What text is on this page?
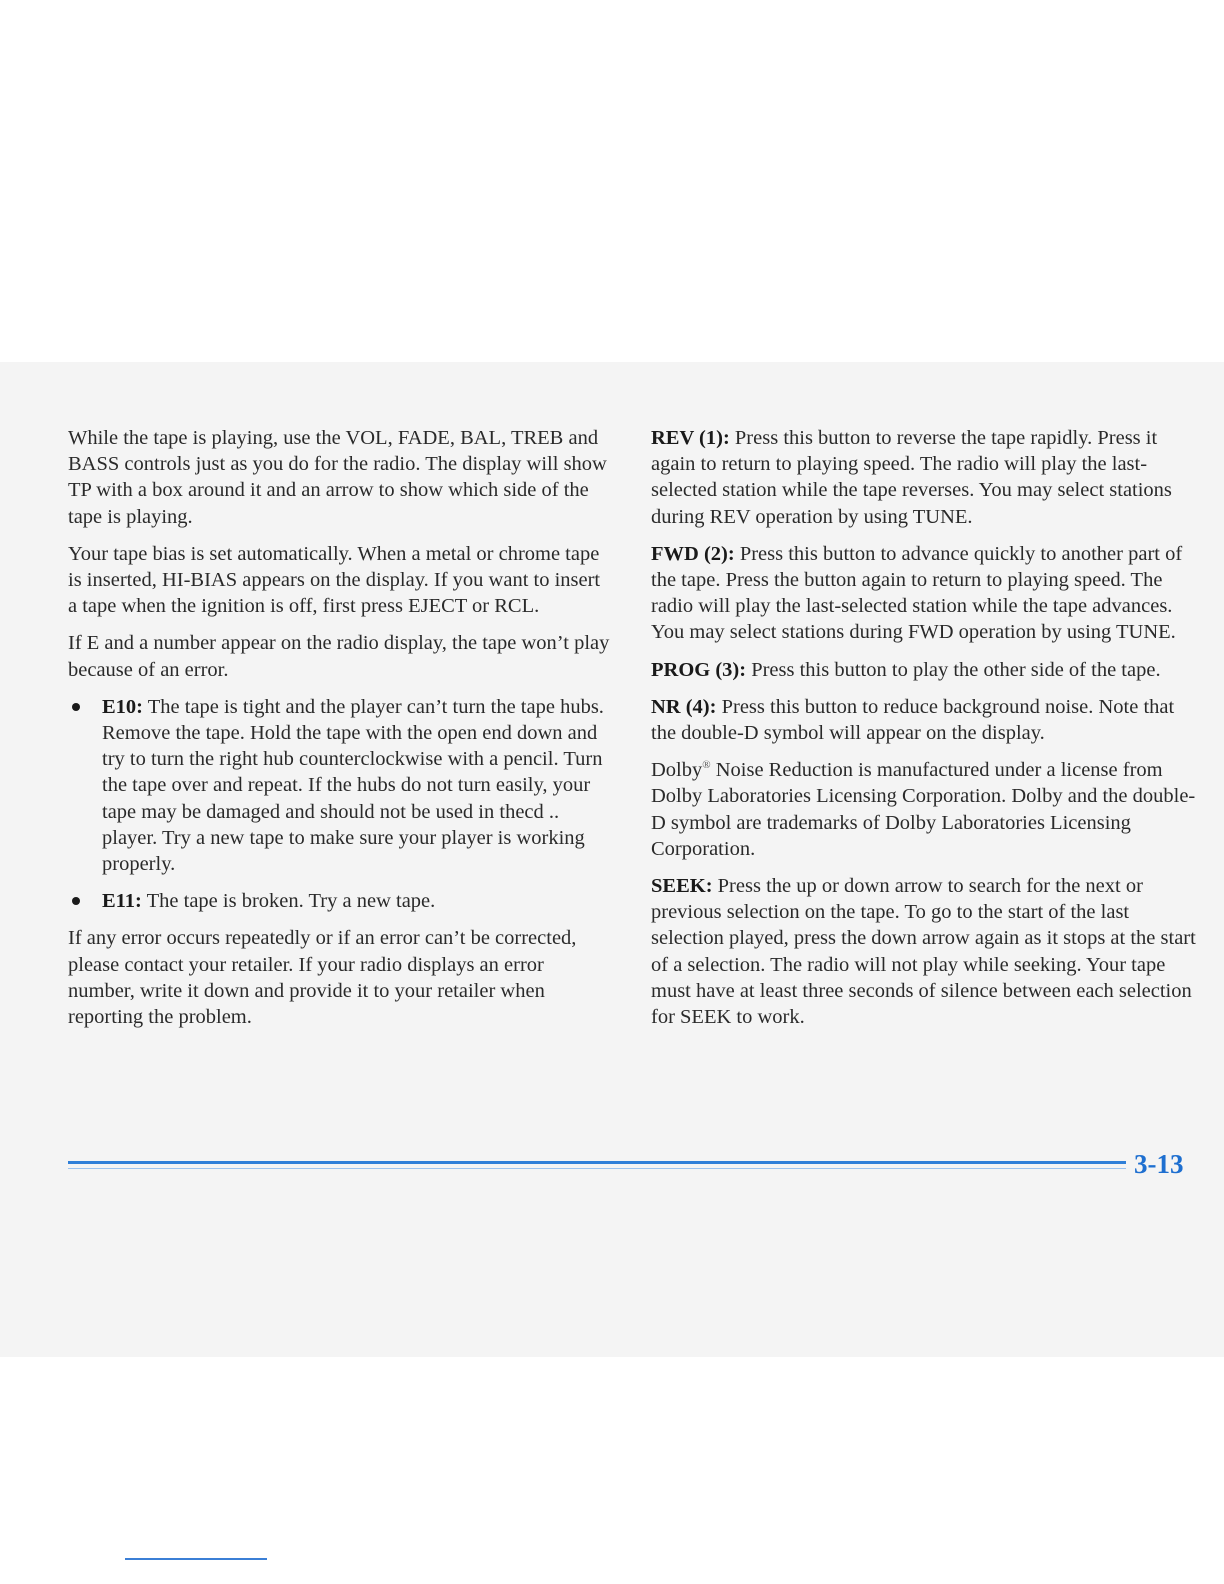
While the tape is playing, use the VOL, FADE, BAL, TREB and BASS controls just as you do for the radio. The display will show TP with a box around it and an arrow to show which side of the tape is playing.

Your tape bias is set automatically. When a metal or chrome tape is inserted, HI-BIAS appears on the display. If you want to insert a tape when the ignition is off, first press EJECT or RCL.

If E and a number appear on the radio display, the tape won’t play because of an error.

E10: The tape is tight and the player can’t turn the tape hubs. Remove the tape. Hold the tape with the open end down and try to turn the right hub counterclockwise with a pencil. Turn the tape over and repeat. If the hubs do not turn easily, your tape may be damaged and should not be used in thecd .. player. Try a new tape to make sure your player is working properly.
E11: The tape is broken. Try a new tape.

If any error occurs repeatedly or if an error can’t be corrected, please contact your retailer. If your radio displays an error number, write it down and provide it to your retailer when reporting the problem.

REV (1): Press this button to reverse the tape rapidly. Press it again to return to playing speed. The radio will play the last-selected station while the tape reverses. You may select stations during REV operation by using TUNE.

FWD (2): Press this button to advance quickly to another part of the tape. Press the button again to return to playing speed. The radio will play the last-selected station while the tape advances. You may select stations during FWD operation by using TUNE.

PROG (3): Press this button to play the other side of the tape.

NR (4): Press this button to reduce background noise. Note that the double-D symbol will appear on the display.

Dolby® Noise Reduction is manufactured under a license from Dolby Laboratories Licensing Corporation. Dolby and the double-D symbol are trademarks of Dolby Laboratories Licensing Corporation.

SEEK: Press the up or down arrow to search for the next or previous selection on the tape. To go to the start of the last selection played, press the down arrow again as it stops at the start of a selection. The radio will not play while seeking. Your tape must have at least three seconds of silence between each selection for SEEK to work.

3-13
